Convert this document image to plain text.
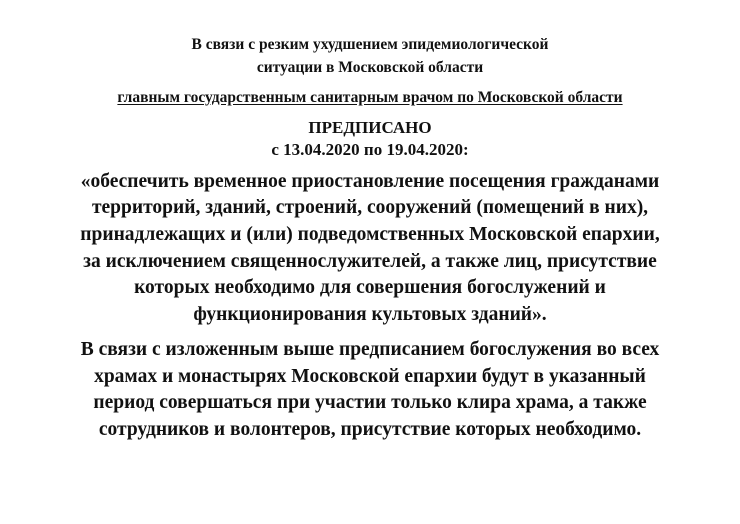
В связи с резким ухудшением эпидемиологической
ситуации в Московской области
главным государственным санитарным врачом по Московской области
ПРЕДПИСАНО
с 13.04.2020 по 19.04.2020:
«обеспечить временное приостановление посещения гражданами
территорий, зданий, строений, сооружений (помещений в них),
принадлежащих и (или) подведомственных Московской епархии,
за исключением священнослужителей, а также лиц, присутствие
которых необходимо для совершения богослужений и
функционирования культовых зданий».
В связи с изложенным выше предписанием богослужения во всех
храмах и монастырях Московской епархии будут в указанный
период совершаться при участии только клира храма, а также
сотрудников и волонтеров, присутствие которых необходимо.
